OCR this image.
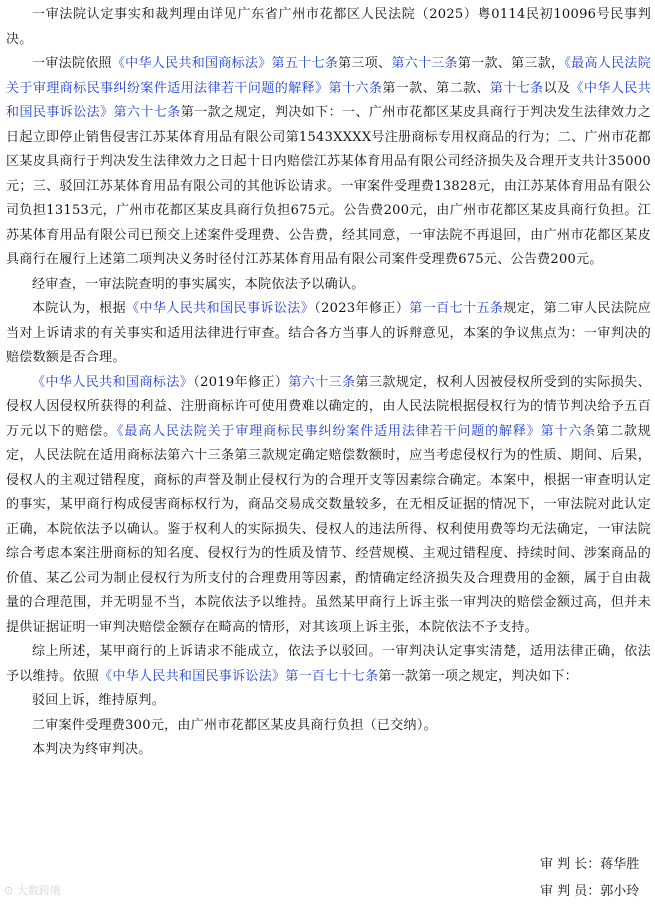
一审法院认定事实和裁判理由详见广东省广州市花都区人民法院（2025）粤0114民初10096号民事判决。

一审法院依照《中华人民共和国商标法》第五十七条第三项、第六十三条第一款、第三款，《最高人民法院关于审理商标民事纠纷案件适用法律若干问题的解释》第十六条第一款、第二款、第十七条以及《中华人民共和国民事诉讼法》第六十七条第一款之规定，判决如下：一、广州市花都区某皮具商行于判决发生法律效力之日起立即停止销售侵害江苏某体育用品有限公司第1543XXXX号注册商标专用权商品的行为；二、广州市花都区某皮具商行于判决发生法律效力之日起十日内赔偿江苏某体育用品有限公司经济损失及合理开支共计35000元；三、驳回江苏某体育用品有限公司的其他诉讼请求。一审案件受理费13828元，由江苏某体育用品有限公司负担13153元，广州市花都区某皮具商行负担675元。公告费200元，由广州市花都区某皮具商行负担。江苏某体育用品有限公司已预交上述案件受理费、公告费，经其同意，一审法院不再退回，由广州市花都区某皮具商行在履行上述第二项判决义务时径付江苏某体育用品有限公司案件受理费675元、公告费200元。

经审查，一审法院查明的事实属实，本院依法予以确认。

本院认为，根据《中华人民共和国民事诉讼法》（2023年修正）第一百七十五条规定，第二审人民法院应当对上诉请求的有关事实和适用法律进行审查。结合各方当事人的诉辩意见，本案的争议焦点为：一审判决的赔偿数额是否合理。

《中华人民共和国商标法》（2019年修正）第六十三条第三款规定，权利人因被侵权所受到的实际损失、侵权人因侵权所获得的利益、注册商标许可使用费难以确定的，由人民法院根据侵权行为的情节判决给予五百万元以下的赔偿。《最高人民法院关于审理商标民事纠纷案件适用法律若干问题的解释》第十六条第二款规定，人民法院在适用商标法第六十三条第三款规定确定赔偿数额时，应当考虑侵权行为的性质、期间、后果，侵权人的主观过错程度，商标的声誉及制止侵权行为的合理开支等因素综合确定。本案中，根据一审查明认定的事实，某甲商行构成侵害商标权行为，商品交易成交数量较多，在无相反证据的情况下，一审法院对此认定正确，本院依法予以确认。鉴于权利人的实际损失、侵权人的违法所得、权利使用费等均无法确定，一审法院综合考虑本案注册商标的知名度、侵权行为的性质及情节、经营规模、主观过错程度、持续时间、涉案商品的价值、某乙公司为制止侵权行为所支付的合理费用等因素，酌情确定经济损失及合理费用的金额，属于自由裁量的合理范围，并无明显不当，本院依法予以维持。虽然某甲商行上诉主张一审判决的赔偿金额过高，但并未提供证据证明一审判决赔偿金额存在畸高的情形，对其该项上诉主张，本院依法不予支持。

综上所述，某甲商行的上诉请求不能成立，依法予以驳回。一审判决认定事实清楚，适用法律正确，依法予以维持。依照《中华人民共和国民事诉讼法》第一百七十七条第一款第一项之规定，判决如下：

驳回上诉，维持原判。

二审案件受理费300元，由广州市花都区某皮具商行负担（已交纳）。

本判决为终审判决。

审 判 长：蒋华胜
审 判 员：郭小玲
⊙ 大数跨境
